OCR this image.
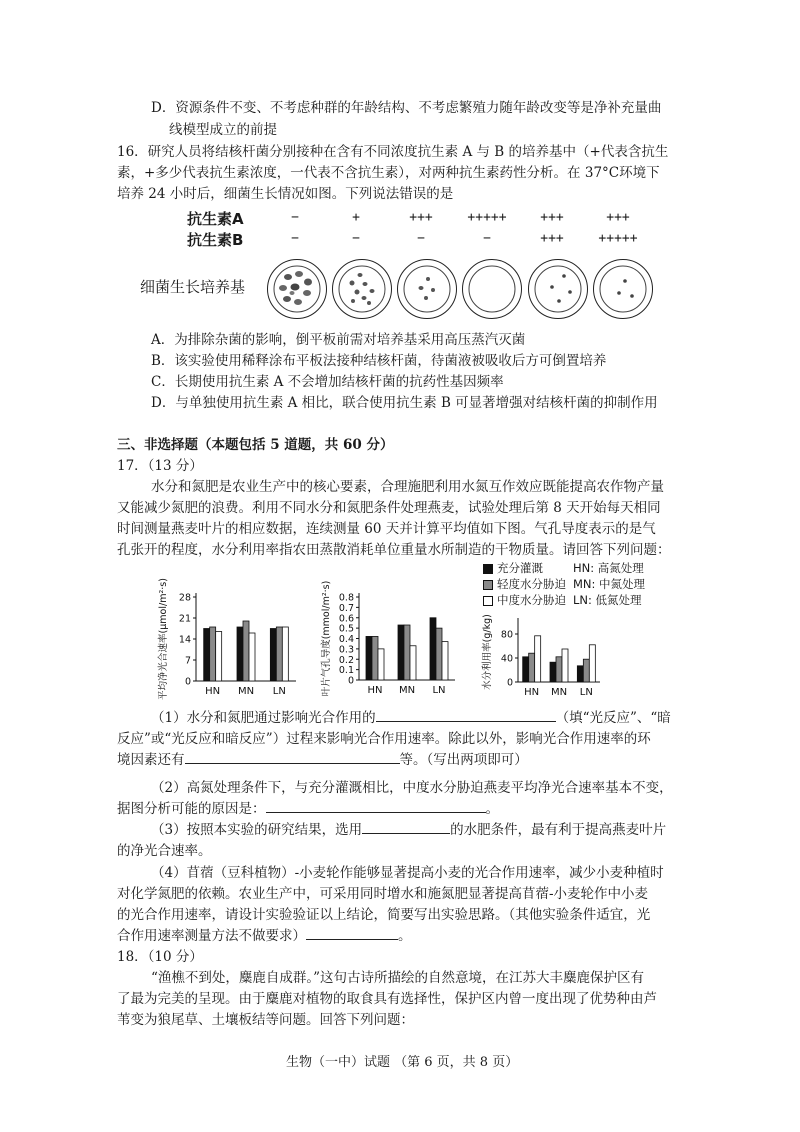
D．资源条件不变、不考虑种群的年龄结构、不考虑繁殖力随年龄改变等是净补充量曲
线模型成立的前提
16．研究人员将结核杆菌分别接种在含有不同浓度抗生素 A 与 B 的培养基中（+代表含抗生
素，+多少代表抗生素浓度，一代表不含抗生素），对两种抗生素药性分析。在 37°C环境下
培养 24 小时后，细菌生长情况如图。下列说法错误的是
抗生素A
抗生素B
−	+	+++	+++++	+++	+++
−	−	−	−	+++	+++++
细菌生长培养基
A．为排除杂菌的影响，倒平板前需对培养基采用高压蒸汽灭菌
B．该实验使用稀释涂布平板法接种结核杆菌，待菌液被吸收后方可倒置培养
C．长期使用抗生素 A 不会增加结核杆菌的抗药性基因频率
D．与单独使用抗生素 A 相比，联合使用抗生素 B 可显著增强对结核杆菌的抑制作用
三、非选择题（本题包括 5 道题，共 60 分）
17．（13 分）
水分和氮肥是农业生产中的核心要素，合理施肥利用水氮互作效应既能提高农作物产量
又能减少氮肥的浪费。利用不同水分和氮肥条件处理燕麦，试验处理后第 8 天开始每天相同
时间测量燕麦叶片的相应数据，连续测量 60 天并计算平均值如下图。气孔导度表示的是气
孔张开的程度，水分利用率指农田蒸散消耗单位重量水所制造的干物质量。请回答下列问题：
0
7
14
21
28
平均净光合速率(μmol/m²·s)	HN MN LN
0
0.1
0.2
0.3
0.4
0.5
0.6
0.7
0.8
叶片气孔导度(mmol/m²·s)	HN MN LN
0
40
80
水分利用率(g/kg)
HN MN LN
充分灌溉
轻度水分胁迫
中度水分胁迫
HN: 高氮处理
MN: 中氮处理
LN: 低氮处理
（1）水分和氮肥通过影响光合作用的	（填“光反应”、“暗
反应”或“光反应和暗反应”）过程来影响光合作用速率。除此以外，影响光合作用速率的环
境因素还有	等。（写出两项即可）
（2）高氮处理条件下，与充分灌溉相比，中度水分胁迫燕麦平均净光合速率基本不变，
据图分析可能的原因是：	。
（3）按照本实验的研究结果，选用	的水肥条件，最有利于提高燕麦叶片
的净光合速率。
（4）苜蓿（豆科植物）-小麦轮作能够显著提高小麦的光合作用速率，减少小麦种植时
对化学氮肥的依赖。农业生产中，可采用同时增水和施氮肥显著提高苜蓿-小麦轮作中小麦
的光合作用速率，请设计实验验证以上结论，简要写出实验思路。（其他实验条件适宜，光
合作用速率测量方法不做要求）	。
18．（10 分）
“渔樵不到处，麋鹿自成群。”这句古诗所描绘的自然意境，在江苏大丰麋鹿保护区有
了最为完美的呈现。由于麋鹿对植物的取食具有选择性，保护区内曾一度出现了优势种由芦
苇变为狼尾草、土壤板结等问题。回答下列问题：
生物（一中）试题 （第 6 页，共 8 页）
